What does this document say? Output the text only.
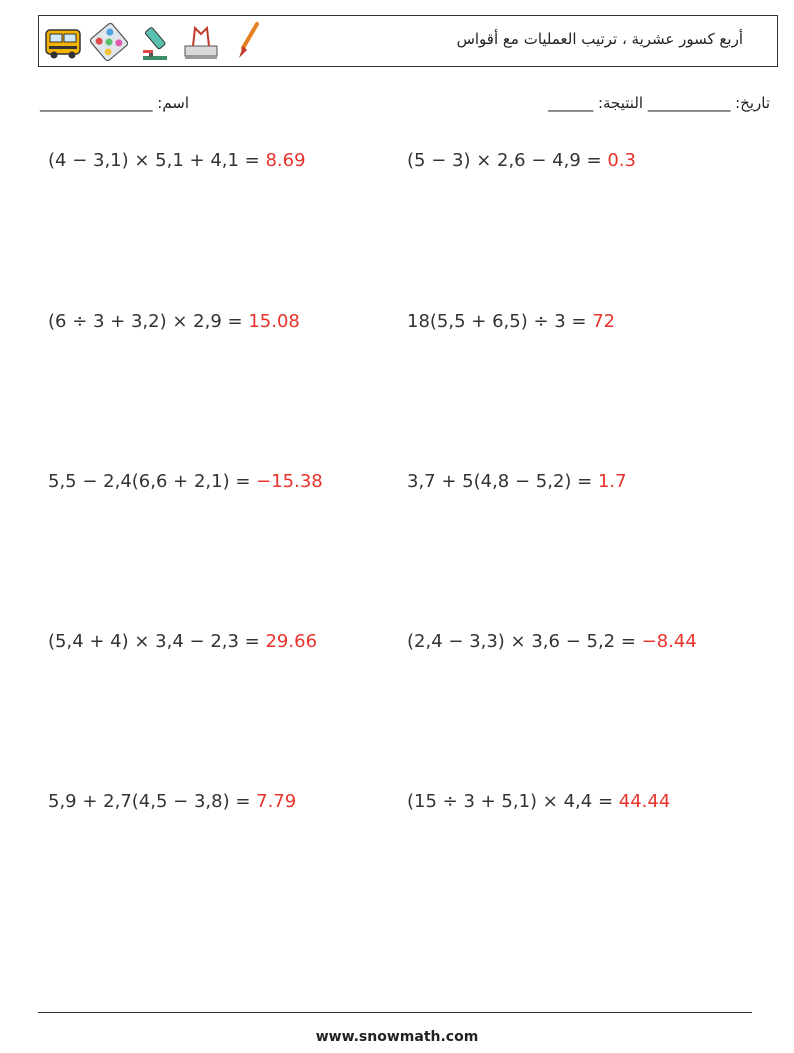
أربع كسور عشرية ، ترتيب العمليات مع أقواس
اسم: _______________	______ :تاريخ: ___________ النتيجة
(4 − 3,1) × 5,1 + 4,1 = 8.69	(5 − 3) × 2,6 − 4,9 = 0.3
(6 ÷ 3 + 3,2) × 2,9 = 15.08	18(5,5 + 6,5) ÷ 3 = 72
5,5 − 2,4(6,6 + 2,1) = −15.38	3,7 + 5(4,8 − 5,2) = 1.7
(5,4 + 4) × 3,4 − 2,3 = 29.66	(2,4 − 3,3) × 3,6 − 5,2 = −8.44
5,9 + 2,7(4,5 − 3,8) = 7.79	(15 ÷ 3 + 5,1) × 4,4 = 44.44
www.snowmath.com
